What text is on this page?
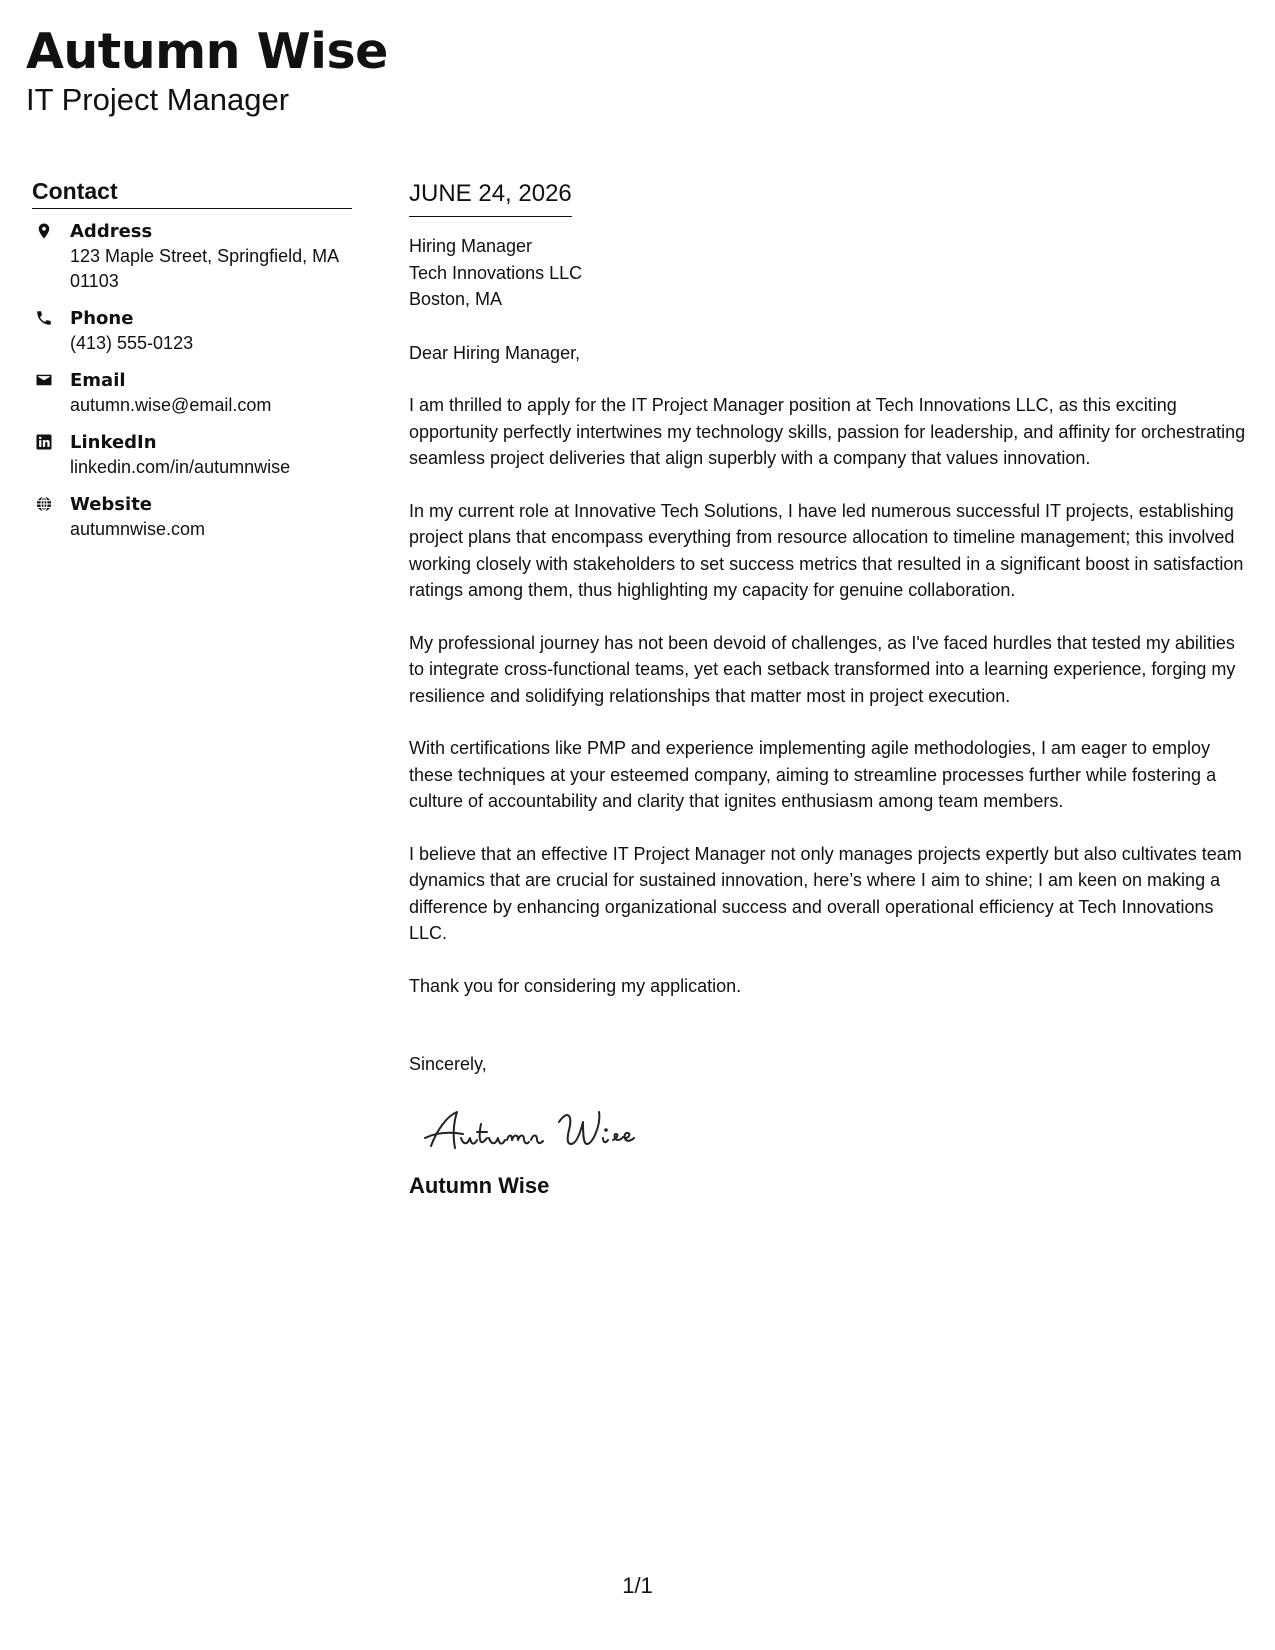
Autumn Wise

IT Project Manager

Contact
Address
123 Maple Street, Springfield, MA
01103
Phone
(413) 555-0123
Email
autumn.wise@email.com
LinkedIn
linkedin.com/in/autumnwise
Website
autumnwise.com
JUNE 24, 2026

Hiring Manager

Tech Innovations LLC

Boston, MA

Dear Hiring Manager,

I am thrilled to apply for the IT Project Manager position at Tech Innovations LLC, as this exciting opportunity perfectly intertwines my technology skills, passion for leadership, and affinity for orchestrating seamless project deliveries that align superbly with a company that values innovation.

In my current role at Innovative Tech Solutions, I have led numerous successful IT projects, establishing project plans that encompass everything from resource allocation to timeline management; this involved working closely with stakeholders to set success metrics that resulted in a significant boost in satisfaction ratings among them, thus highlighting my capacity for genuine collaboration.

My professional journey has not been devoid of challenges, as I've faced hurdles that tested my abilities to integrate cross-functional teams, yet each setback transformed into a learning experience, forging my resilience and solidifying relationships that matter most in project execution.

With certifications like PMP and experience implementing agile methodologies, I am eager to employ these techniques at your esteemed company, aiming to streamline processes further while fostering a culture of accountability and clarity that ignites enthusiasm among team members.

I believe that an effective IT Project Manager not only manages projects expertly but also cultivates team dynamics that are crucial for sustained innovation, here’s where I aim to shine; I am keen on making a difference by enhancing organizational success and overall operational efficiency at Tech Innovations LLC.

Thank you for considering my application.

Sincerely,

Autumn Wise
1/1
